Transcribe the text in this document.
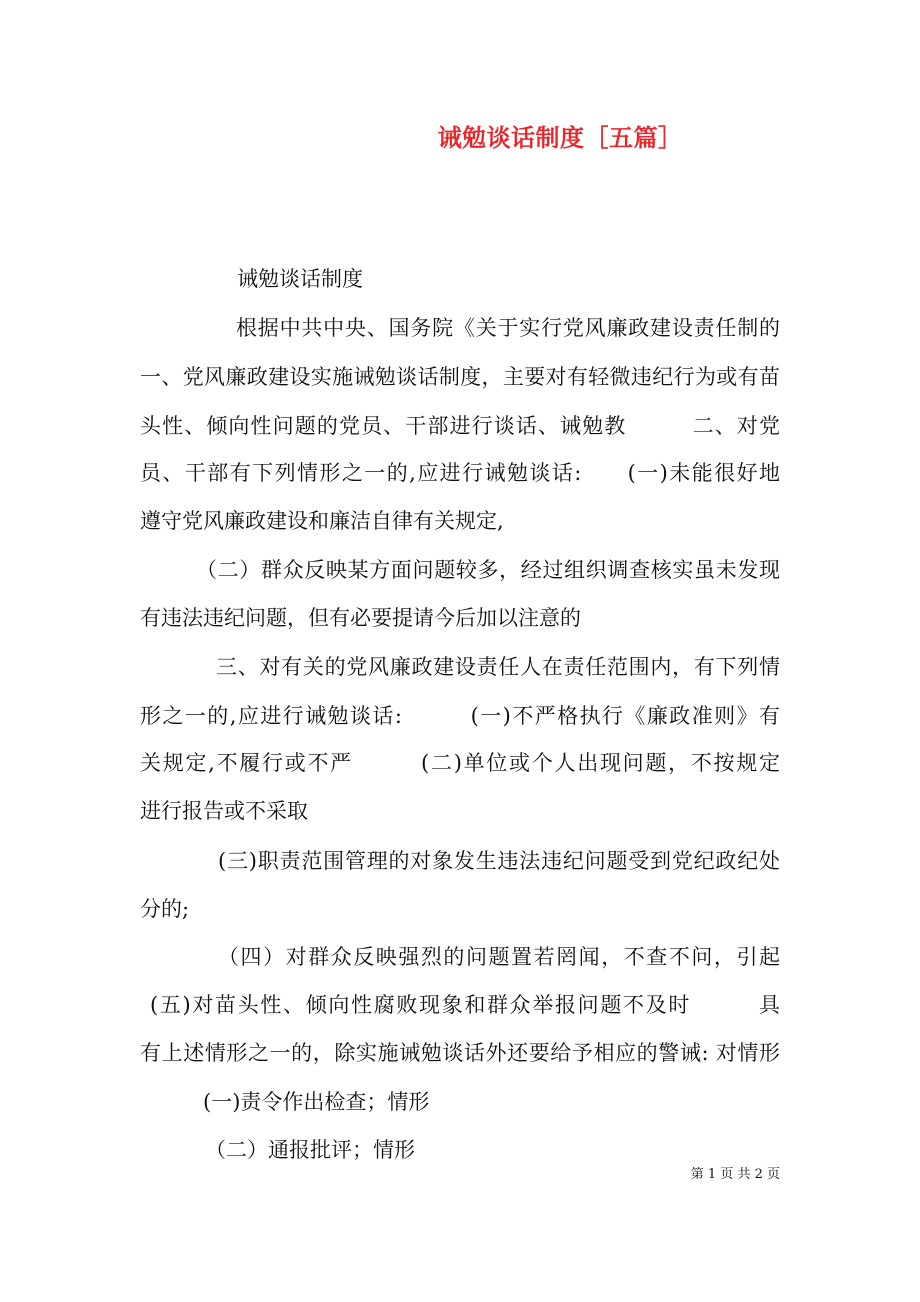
诫勉谈话制度［五篇］
诫勉谈话制度
根据中共中央、国务院《关于实行党风廉政建设责任制的﻿
一、党风廉政建设实施诫勉谈话制度，主要对有轻微违纪行为或有苗
头性、倾向性问题的党员、干部进行谈话、诫勉教﻿　　　二、对党
员、干部有下列情形之一的,应进行诫勉谈话:﻿　　(一)未能很好地
遵守党风廉政建设和廉洁自律有关规定,
（二）群众反映某方面问题较多，经过组织调查核实虽未发现
有违法违纪问题，但有必要提请今后加以注意的
三、对有关的党风廉政建设责任人在责任范围内，有下列情
形之一的,应进行诫勉谈话:﻿　　　(一)不严格执行《廉政准则》有
关规定,不履行或不严﻿　　　(二)单位或个人出现问题，不按规定
进行报告或不采取
(三)职责范围管理的对象发生违法违纪问题受到党纪政纪处
分的;
（四）对群众反映强烈的问题置若罔闻，不查不问，引起﻿
(五)对苗头性、倾向性腐败现象和群众举报问题不及时﻿　　　具
有上述情形之一的，除实施诫勉谈话外还要给予相应的警诫: 对情形
﻿　　　(一)责令作出检查；情形
（二）通报批评；情形
第 1 页 共 2 页
